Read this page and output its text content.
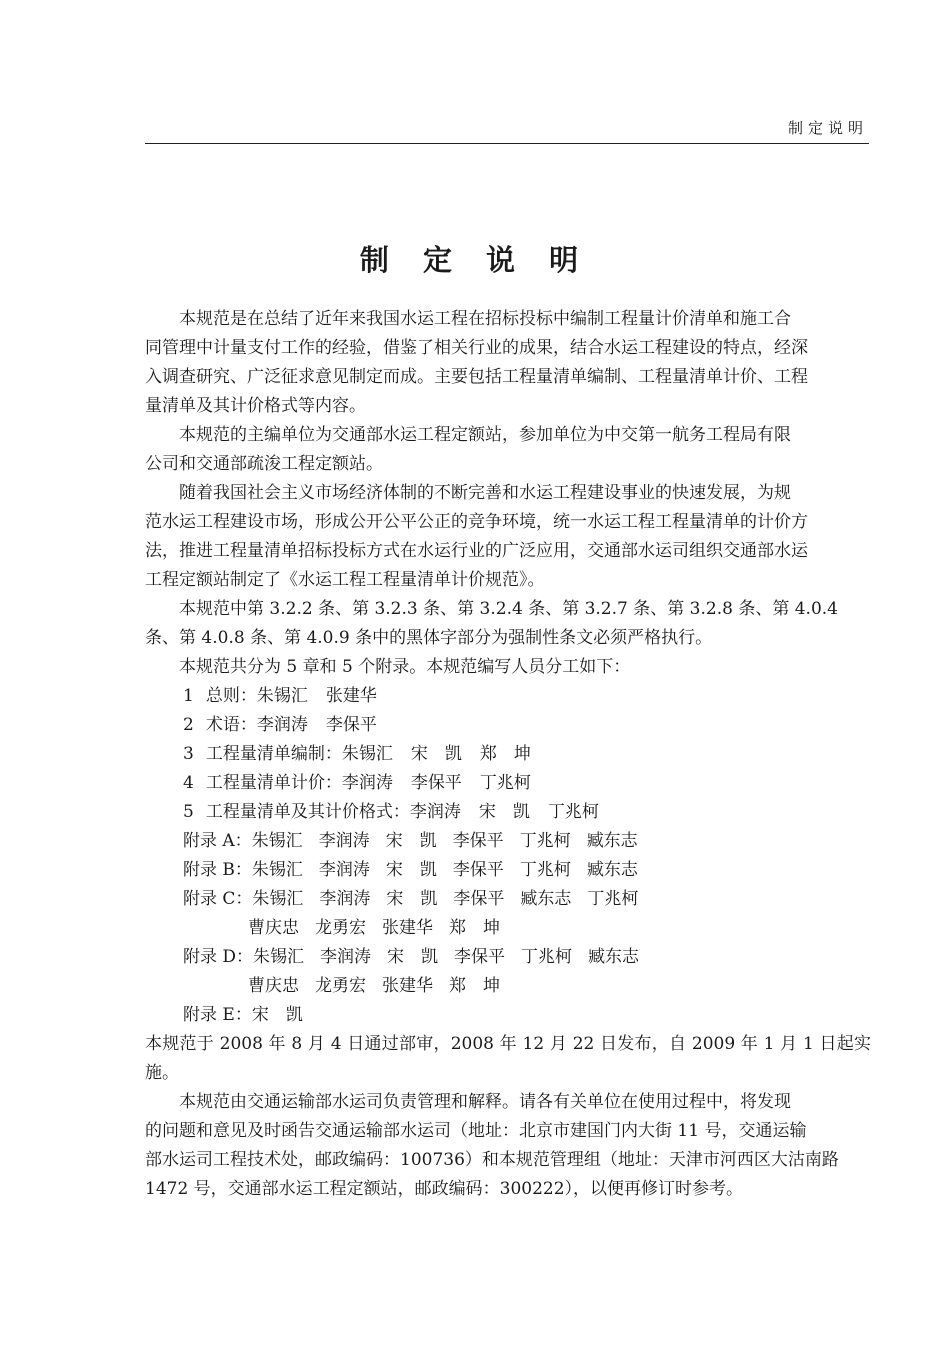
制定说明
制 定 说 明

本规范是在总结了近年来我国水运工程在招标投标中编制工程量计价清单和施工合
同管理中计量支付工作的经验，借鉴了相关行业的成果，结合水运工程建设的特点，经深
入调查研究、广泛征求意见制定而成。主要包括工程量清单编制、工程量清单计价、工程
量清单及其计价格式等内容。

本规范的主编单位为交通部水运工程定额站，参加单位为中交第一航务工程局有限
公司和交通部疏浚工程定额站。

随着我国社会主义市场经济体制的不断完善和水运工程建设事业的快速发展，为规
范水运工程建设市场，形成公开公平公正的竞争环境，统一水运工程工程量清单的计价方
法，推进工程量清单招标投标方式在水运行业的广泛应用，交通部水运司组织交通部水运
工程定额站制定了《水运工程工程量清单计价规范》。

本规范中第 3.2.2 条、第 3.2.3 条、第 3.2.4 条、第 3.2.7 条、第 3.2.8 条、第 4.0.4
条、第 4.0.8 条、第 4.0.9 条中的黑体字部分为强制性条文必须严格执行。

本规范共分为 5 章和 5 个附录。本规范编写人员分工如下：

1 总则：朱锡汇 张建华
2 术语：李润涛 李保平
3 工程量清单编制：朱锡汇 宋　凯 郑　坤
4 工程量清单计价：李润涛 李保平 丁兆柯
5 工程量清单及其计价格式：李润涛 宋　凯 丁兆柯
附录 A：朱锡汇 李润涛 宋　凯 李保平 丁兆柯 臧东志
附录 B：朱锡汇 李润涛 宋　凯 李保平 丁兆柯 臧东志
附录 C：朱锡汇 李润涛 宋　凯 李保平 臧东志 丁兆柯
曹庆忠 龙勇宏 张建华 郑　坤
附录 D：朱锡汇 李润涛 宋　凯 李保平 丁兆柯 臧东志
曹庆忠 龙勇宏 张建华 郑　坤
附录 E：宋　凯

本规范于 2008 年 8 月 4 日通过部审，2008 年 12 月 22 日发布，自 2009 年 1 月 1 日起实施。

本规范由交通运输部水运司负责管理和解释。请各有关单位在使用过程中，将发现
的问题和意见及时函告交通运输部水运司（地址：北京市建国门内大街 11 号，交通运输
部水运司工程技术处，邮政编码：100736）和本规范管理组（地址：天津市河西区大沽南路
1472 号，交通部水运工程定额站，邮政编码：300222），以便再修订时参考。
